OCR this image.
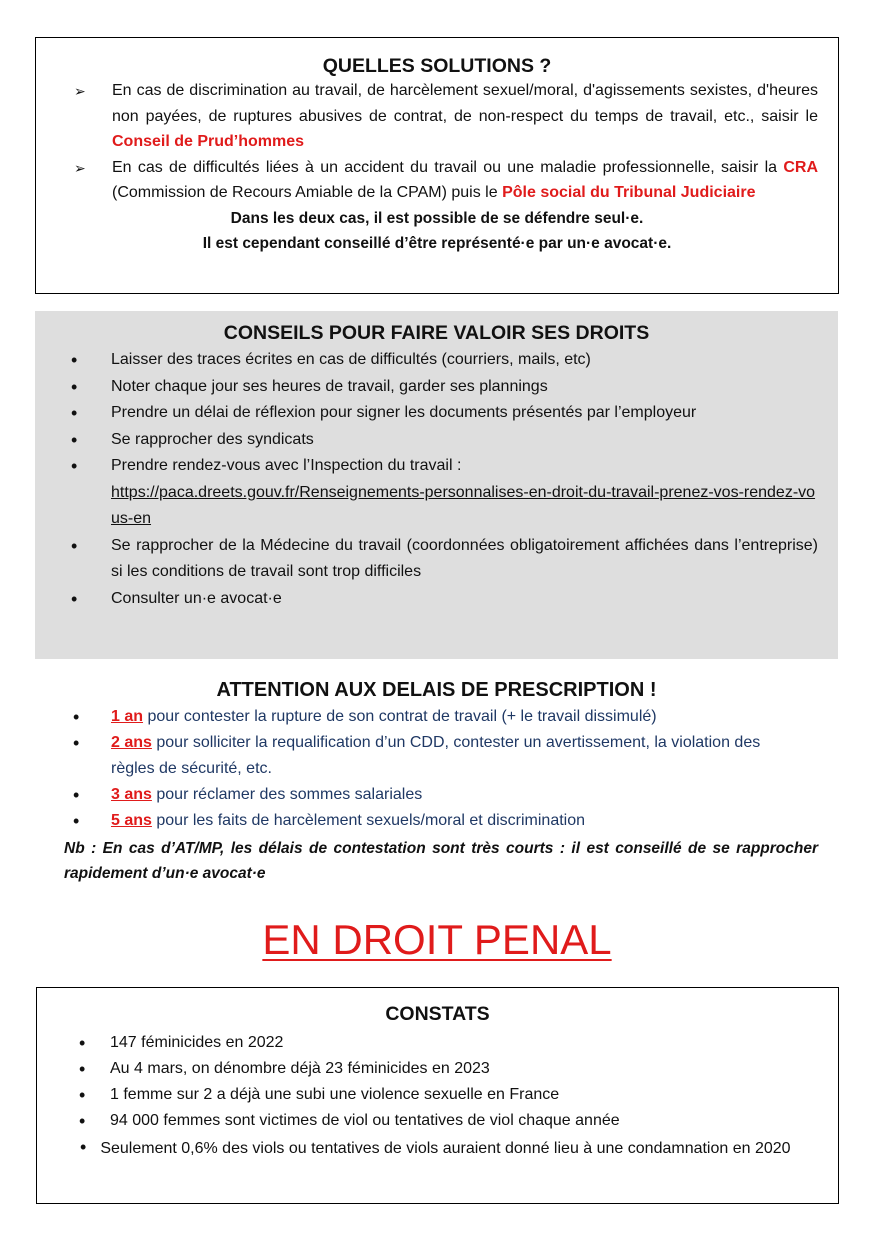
QUELLES SOLUTIONS ?
➢ En cas de discrimination au travail, de harcèlement sexuel/moral, d'agissements sexistes, d'heures non payées, de ruptures abusives de contrat, de non-respect du temps de travail, etc., saisir le Conseil de Prud’hommes
➢ En cas de difficultés liées à un accident du travail ou une maladie professionnelle, saisir la CRA (Commission de Recours Amiable de la CPAM) puis le Pôle social du Tribunal Judiciaire
Dans les deux cas, il est possible de se défendre seul·e.
Il est cependant conseillé d’être représenté·e par un·e avocat·e.
CONSEILS POUR FAIRE VALOIR SES DROITS
• Laisser des traces écrites en cas de difficultés (courriers, mails, etc)
• Noter chaque jour ses heures de travail, garder ses plannings
• Prendre un délai de réflexion pour signer les documents présentés par l’employeur
• Se rapprocher des syndicats
• Prendre rendez-vous avec l’Inspection du travail :
https://paca.dreets.gouv.fr/Renseignements-personnalises-en-droit-du-travail-prenez-vos-rendez-vous-en
• Se rapprocher de la Médecine du travail (coordonnées obligatoirement affichées dans l’entreprise) si les conditions de travail sont trop difficiles
• Consulter un·e avocat·e
ATTENTION AUX DELAIS DE PRESCRIPTION !
• 1 an pour contester la rupture de son contrat de travail (+ le travail dissimulé)
• 2 ans pour solliciter la requalification d’un CDD, contester un avertissement, la violation des règles de sécurité, etc.
• 3 ans pour réclamer des sommes salariales
• 5 ans pour les faits de harcèlement sexuels/moral et discrimination
Nb : En cas d’AT/MP, les délais de contestation sont très courts : il est conseillé de se rapprocher rapidement d’un·e avocat·e
EN DROIT PENAL
CONSTATS
• 147 féminicides en 2022
• Au 4 mars, on dénombre déjà 23 féminicides en 2023
• 1 femme sur 2 a déjà une subi une violence sexuelle en France
• 94 000 femmes sont victimes de viol ou tentatives de viol chaque année
• Seulement 0,6% des viols ou tentatives de viols auraient donné lieu à une condamnation en 2020
